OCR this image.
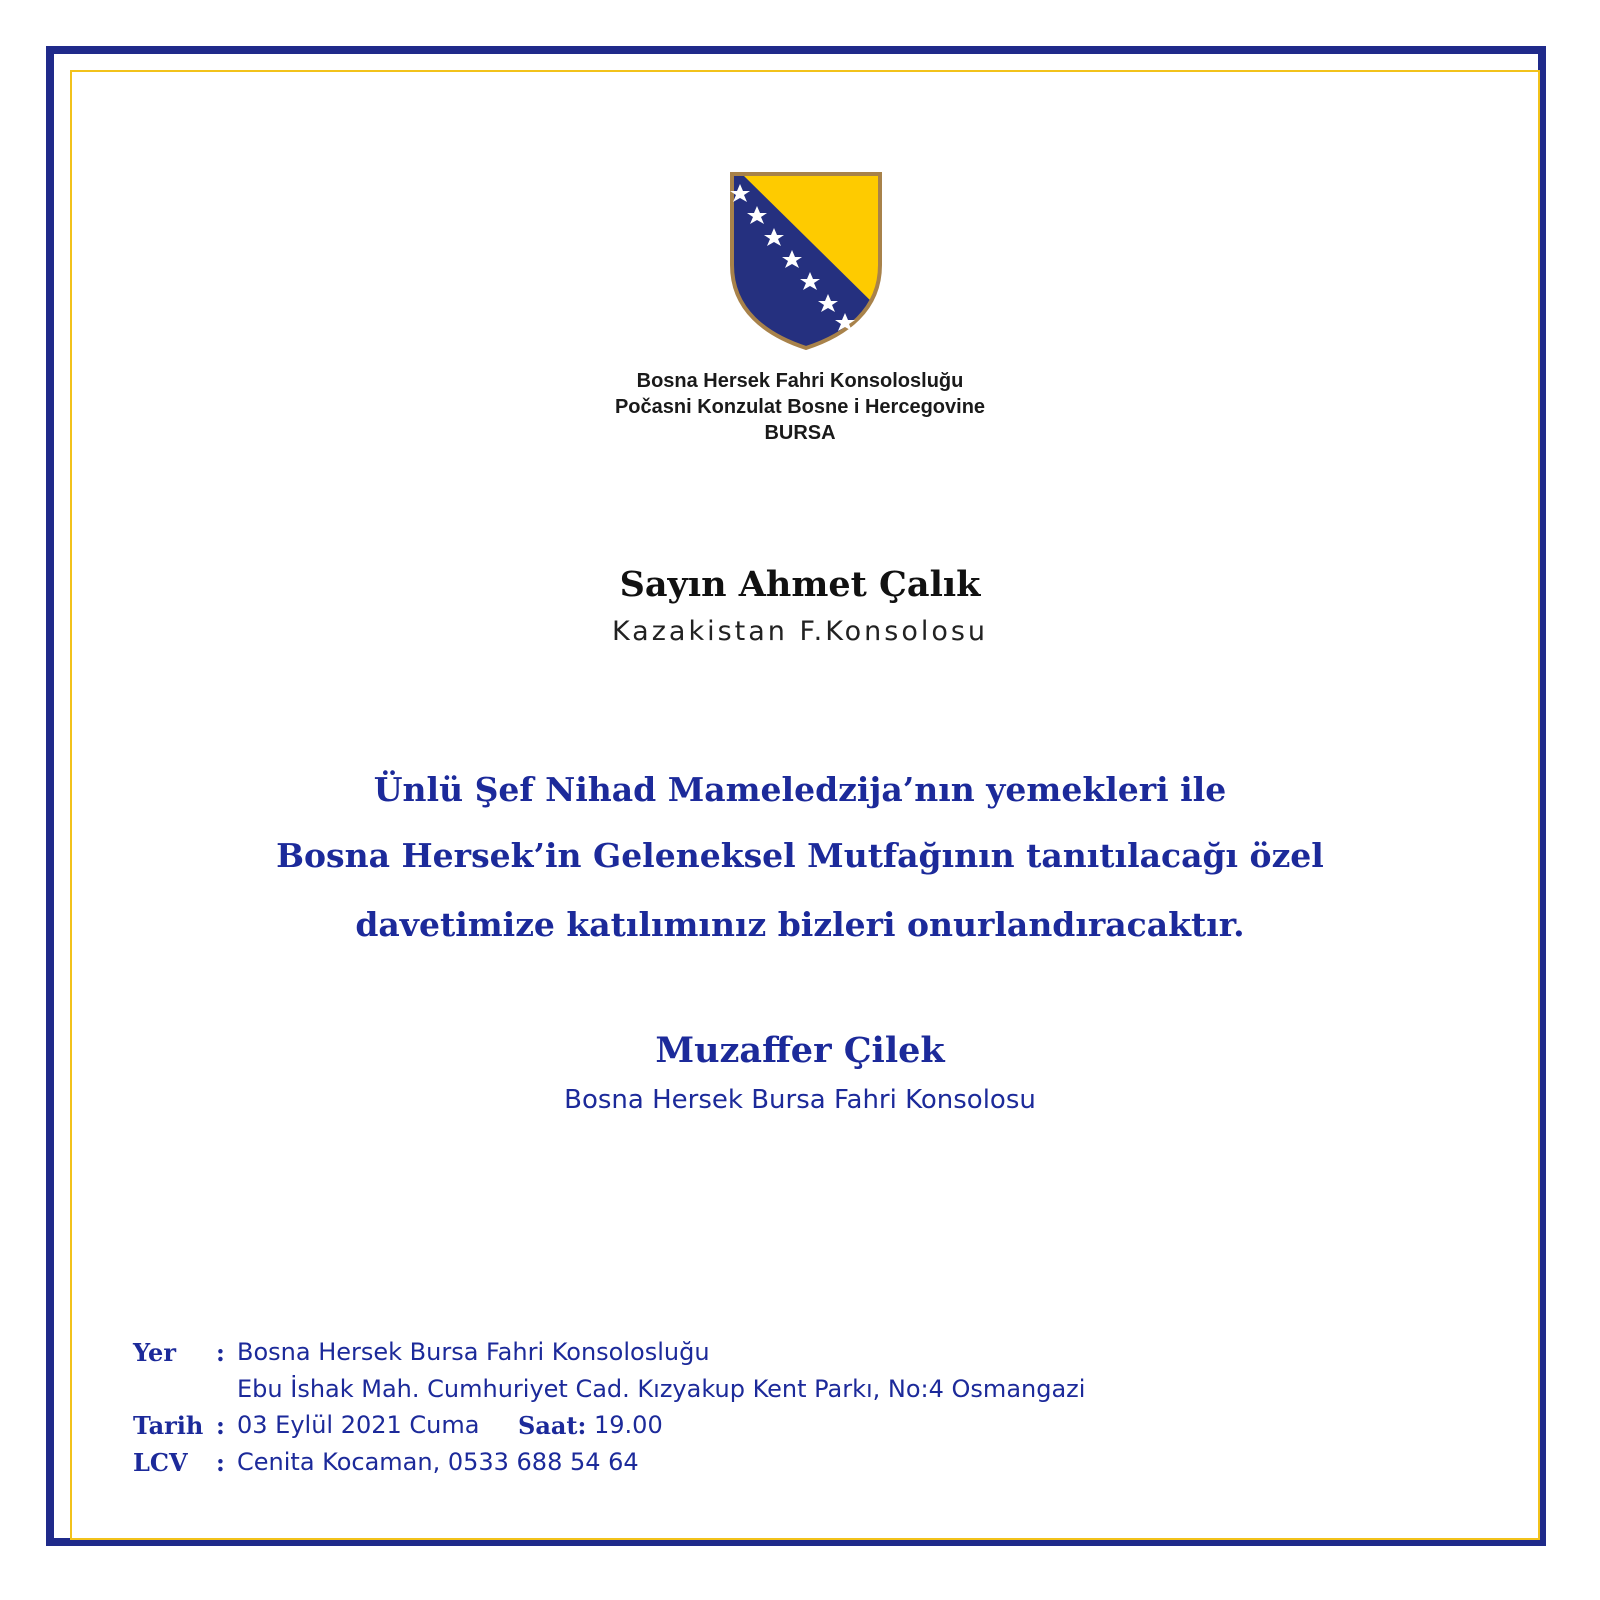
Bosna Hersek Fahri Konsolosluğu
Počasni Konzulat Bosne i Hercegovine
BURSA
Sayın Ahmet Çalık
Kazakistan F.Konsolosu
Ünlü Şef Nihad Mameledzija’nın yemekleri ile
Bosna Hersek’in Geleneksel Mutfağının tanıtılacağı özel
davetimize katılımınız bizleri onurlandıracaktır.
Muzaffer Çilek
Bosna Hersek Bursa Fahri Konsolosu
Yer : Bosna Hersek Bursa Fahri Konsolosluğu
Ebu İshak Mah. Cumhuriyet Cad. Kızyakup Kent Parkı, No:4 Osmangazi
Tarih : 03 Eylül 2021 Cuma Saat: 19.00
LCV : Cenita Kocaman, 0533 688 54 64
